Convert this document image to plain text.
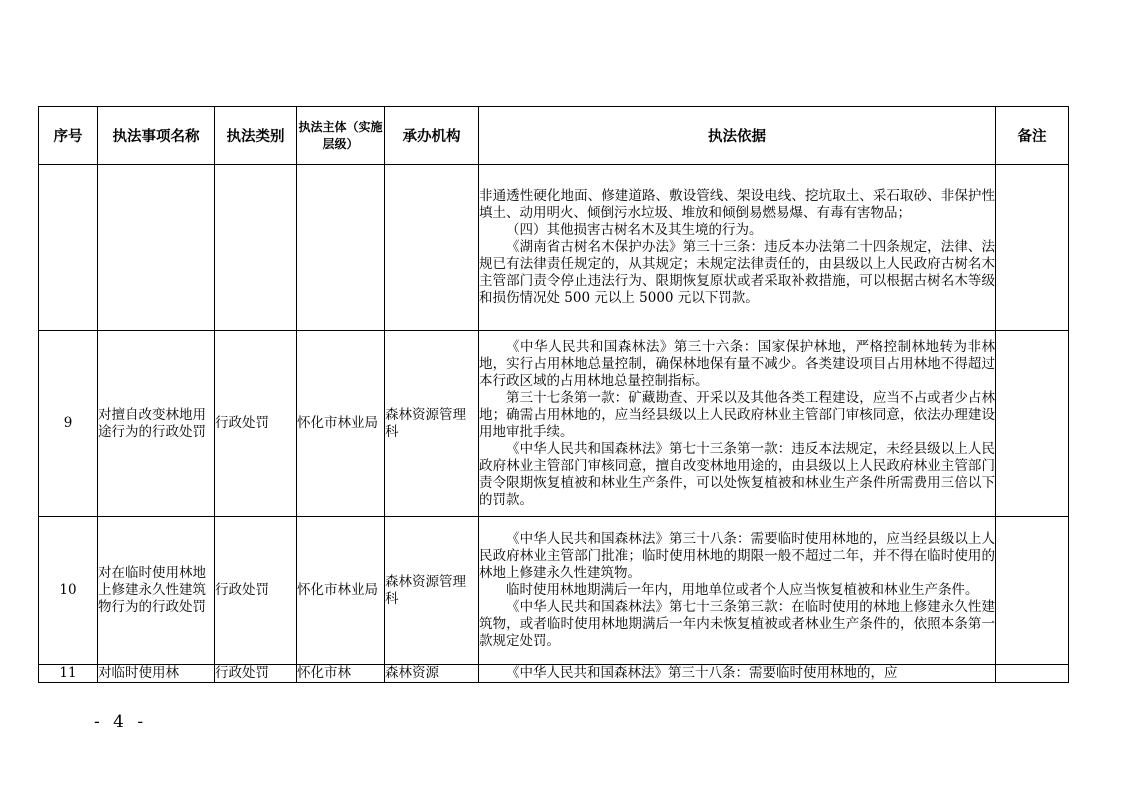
序号	执法事项名称	执法类别	执法主体（实施层级）	承办机构	执法依据	备注

					非通透性硬化地面、修建道路、敷设管线、架设电线、挖坑取土、采石取砂、非保护性填土、动用明火、倾倒污水垃圾、堆放和倾倒易燃易爆、有毒有害物品；
（四）其他损害古树名木及其生境的行为。
《湖南省古树名木保护办法》第三十三条：违反本办法第二十四条规定，法律、法规已有法律责任规定的，从其规定；未规定法律责任的，由县级以上人民政府古树名木主管部门责令停止违法行为、限期恢复原状或者采取补救措施，可以根据古树名木等级和损伤情况处 500 元以上 5000 元以下罚款。	

9	对擅自改变林地用途行为的行政处罚	行政处罚	怀化市林业局	森林资源管理科	《中华人民共和国森林法》第三十六条：国家保护林地，严格控制林地转为非林地，实行占用林地总量控制，确保林地保有量不减少。各类建设项目占用林地不得超过本行政区域的占用林地总量控制指标。
第三十七条第一款：矿藏勘查、开采以及其他各类工程建设，应当不占或者少占林地；确需占用林地的，应当经县级以上人民政府林业主管部门审核同意，依法办理建设用地审批手续。
《中华人民共和国森林法》第七十三条第一款：违反本法规定，未经县级以上人民政府林业主管部门审核同意，擅自改变林地用途的，由县级以上人民政府林业主管部门责令限期恢复植被和林业生产条件，可以处恢复植被和林业生产条件所需费用三倍以下的罚款。	

10	对在临时使用林地上修建永久性建筑物行为的行政处罚	行政处罚	怀化市林业局	森林资源管理科	《中华人民共和国森林法》第三十八条：需要临时使用林地的，应当经县级以上人民政府林业主管部门批准；临时使用林地的期限一般不超过二年，并不得在临时使用的林地上修建永久性建筑物。
临时使用林地期满后一年内，用地单位或者个人应当恢复植被和林业生产条件。
《中华人民共和国森林法》第七十三条第三款：在临时使用的林地上修建永久性建筑物，或者临时使用林地期满后一年内未恢复植被或者林业生产条件的，依照本条第一款规定处罚。	

11	对临时使用林	行政处罚	怀化市林	森林资源	《中华人民共和国森林法》第三十八条：需要临时使用林地的，应	

- 4 -
